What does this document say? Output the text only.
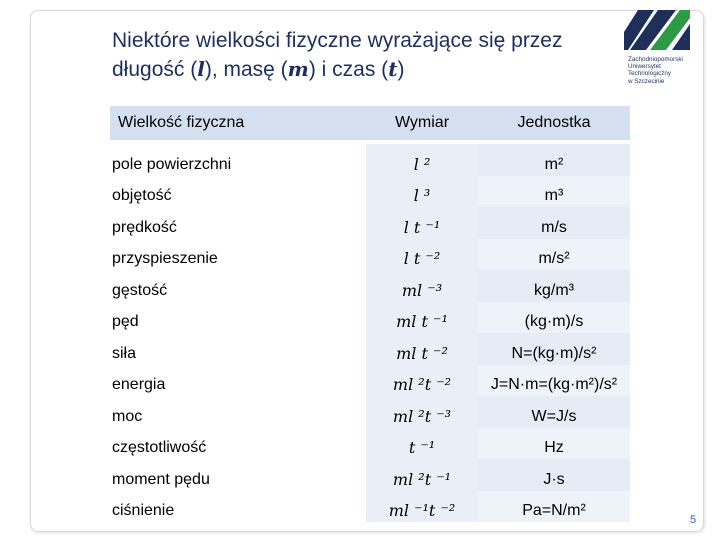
Niektóre wielkości fizyczne wyrażające się przez długość (l), masę (m) i czas (t)	Zachodniopomorski
Uniwersytet
Technologiczny
w Szczecinie
Wielkość fizyczna	Wymiar	Jednostka
pole powierzchni	l ²	m²
objętość	l ³	m³
prędkość	l t ⁻¹	m/s
przyspieszenie	l t ⁻²	m/s²
gęstość	ml ⁻³	kg/m³
pęd	ml t ⁻¹	(kg·m)/s
siła	ml t ⁻²	N=(kg·m)/s²
energia	ml ²t ⁻²	J=N·m=(kg·m²)/s²
moc	ml ²t ⁻³	W=J/s
częstotliwość	t ⁻¹	Hz
moment pędu	ml ²t ⁻¹	J·s
ciśnienie	ml ⁻¹t ⁻²	Pa=N/m²
5
